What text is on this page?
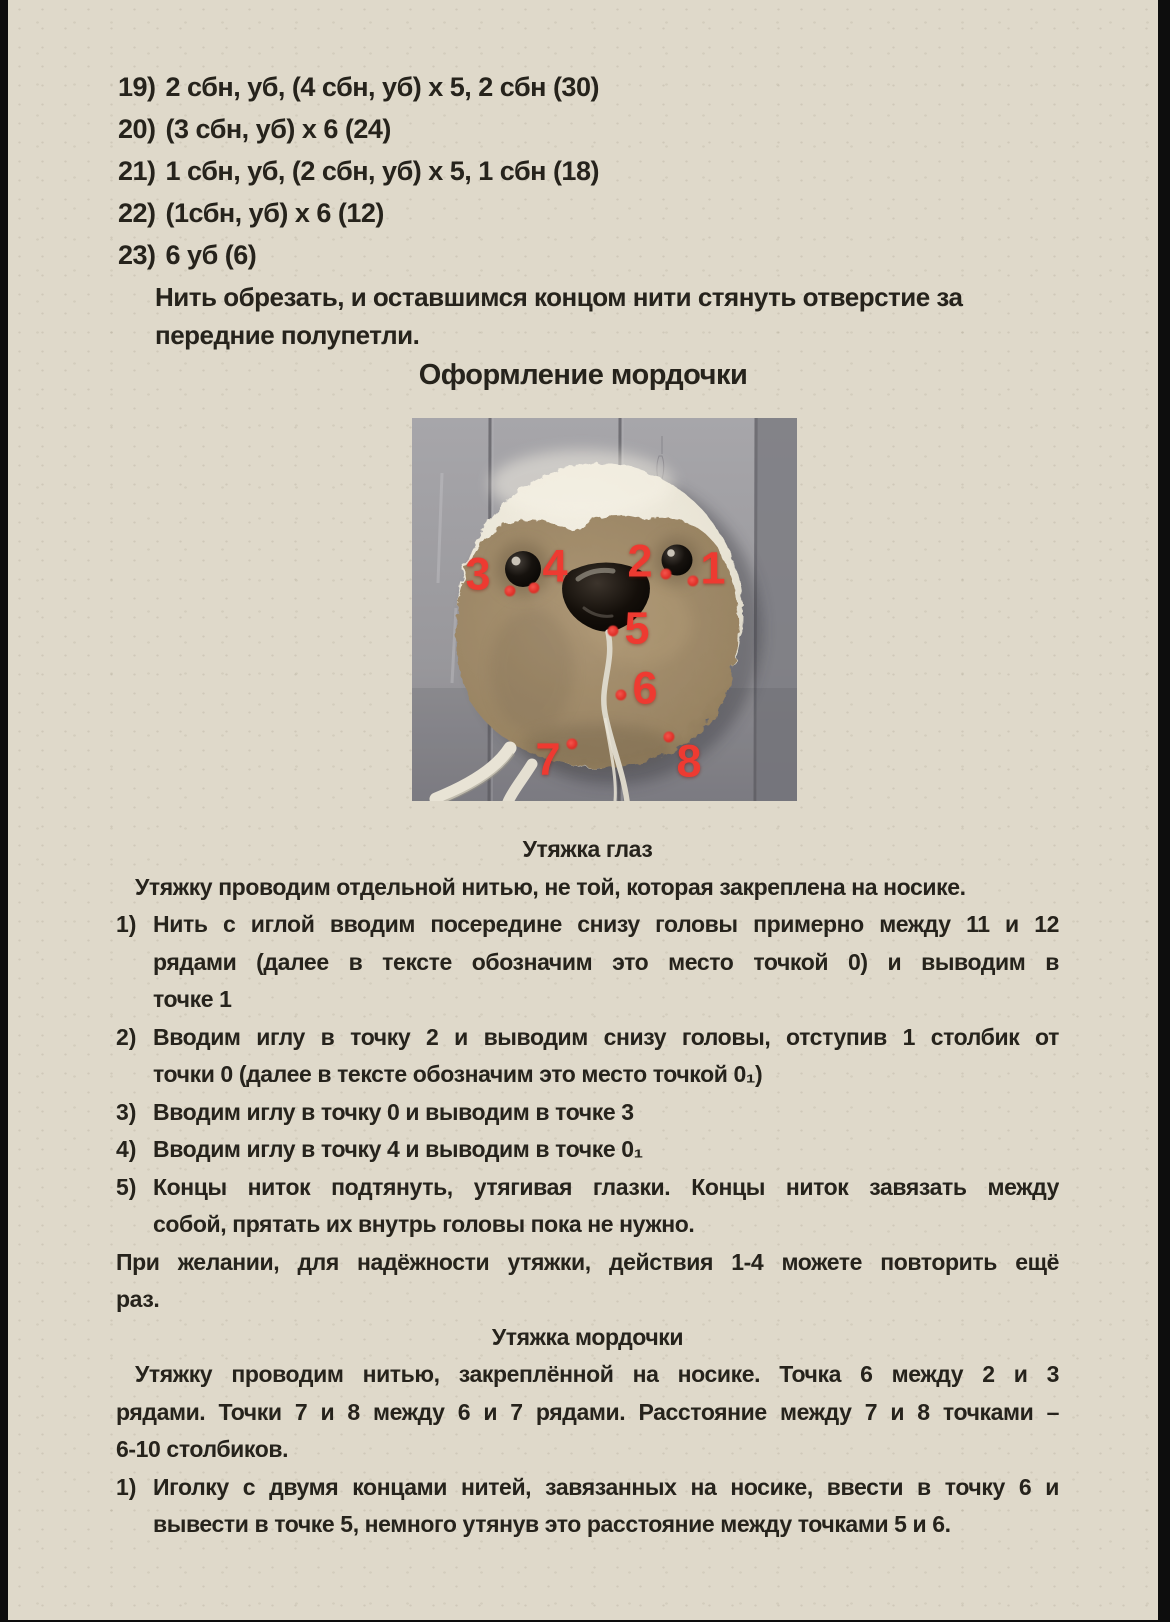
19) 2 сбн, уб, (4 сбн, уб) х 5, 2 сбн (30)
20) (3 сбн, уб) х 6 (24)
21) 1 сбн, уб, (2 сбн, уб) х 5, 1 сбн (18)
22) (1сбн, уб) х 6 (12)
23) 6 уб (6)
Нить обрезать, и оставшимся концом нити стянуть отверстие за
передние полупетли.
Оформление мордочки
1
2
3 4
5
6
7	8
Утяжка глаз
Утяжку проводим отдельной нитью, не той, которая закреплена на носике.
1) Нить с иглой вводим посередине снизу головы примерно между 11 и 12
рядами (далее в тексте обозначим это место точкой 0) и выводим в
точке 1
2) Вводим иглу в точку 2 и выводим снизу головы, отступив 1 столбик от
точки 0 (далее в тексте обозначим это место точкой 0₁)
3) Вводим иглу в точку 0 и выводим в точке 3
4) Вводим иглу в точку 4 и выводим в точке 0₁
5) Концы ниток подтянуть, утягивая глазки. Концы ниток завязать между
собой, прятать их внутрь головы пока не нужно.
При желании, для надёжности утяжки, действия 1-4 можете повторить ещё
раз.
Утяжка мордочки
Утяжку проводим нитью, закреплённой на носике. Точка 6 между 2 и 3
рядами. Точки 7 и 8 между 6 и 7 рядами. Расстояние между 7 и 8 точками –
6-10 столбиков.
1) Иголку с двумя концами нитей, завязанных на носике, ввести в точку 6 и
вывести в точке 5, немного утянув это расстояние между точками 5 и 6.
